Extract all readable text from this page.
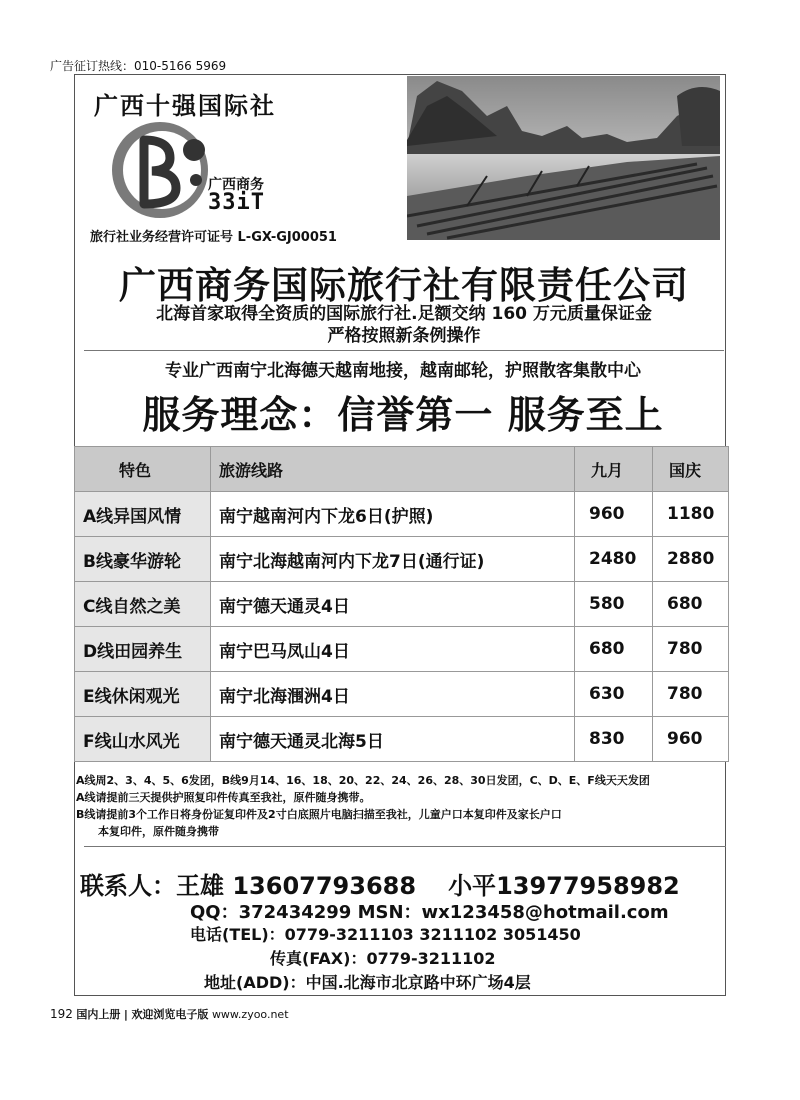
广告征订热线：010-5166 5969
广西十强国际社
广西商务
33iT
旅行社业务经营许可证号 L-GX-GJ00051
广西商务国际旅行社有限责任公司
北海首家取得全资质的国际旅行社.足额交纳 160 万元质量保证金
严格按照新条例操作
专业广西南宁北海德天越南地接，越南邮轮，护照散客集散中心
服务理念：信誉第一 服务至上
特色	旅游线路	九月	国庆
A线异国风情	南宁越南河内下龙6日(护照)	960	1180
B线豪华游轮	南宁北海越南河内下龙7日(通行证)	2480	2880
C线自然之美	南宁德天通灵4日	580	680
D线田园养生	南宁巴马凤山4日	680	780
E线休闲观光	南宁北海涠洲4日	630	780
F线山水风光	南宁德天通灵北海5日	830	960
A线周2、3、4、5、6发团，B线9月14、16、18、20、22、24、26、28、30日发团，C、D、E、F线天天发团
A线请提前三天提供护照复印件传真至我社，原件随身携带。
B线请提前3个工作日将身份证复印件及2寸白底照片电脑扫描至我社，儿童户口本复印件及家长户口
本复印件，原件随身携带
联系人：王雄 13607793688 小平13977958982
QQ：372434299 MSN：wx123458@hotmail.com
电话(TEL)：0779-3211103 3211102 3051450
传真(FAX)：0779-3211102
地址(ADD)：中国.北海市北京路中环广场4层
192 国内上册 | 欢迎浏览电子版 www.zyoo.net
